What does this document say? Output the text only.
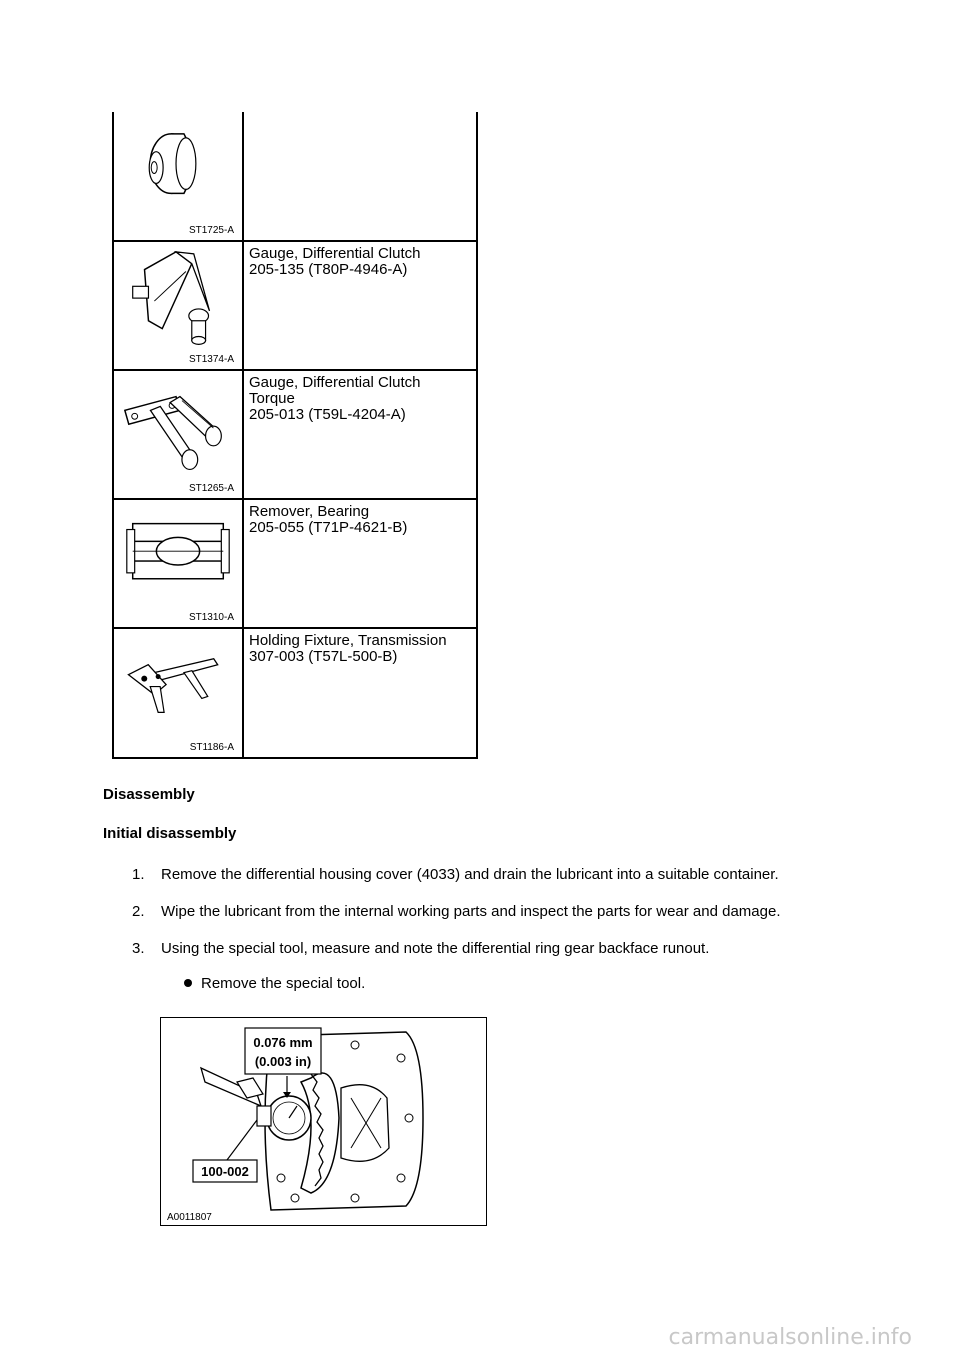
ST1725-A	

ST1374-A	Gauge, Differential Clutch
205-135 (T80P-4946-A)

ST1265-A	Gauge, Differential Clutch
Torque
205-013 (T59L-4204-A)

ST1310-A	Remover, Bearing
205-055 (T71P-4621-B)

ST1186-A	Holding Fixture, Transmission
307-003 (T57L-500-B)
Disassembly
Initial disassembly
1. Remove the differential housing cover (4033) and drain the lubricant into a suitable container.
2. Wipe the lubricant from the internal working parts and inspect the parts for wear and damage.
3. Using the special tool, measure and note the differential ring gear backface runout.
Remove the special tool.
0.076 mm
(0.003 in)
100-002
A0011807
carmanualsonline.info
